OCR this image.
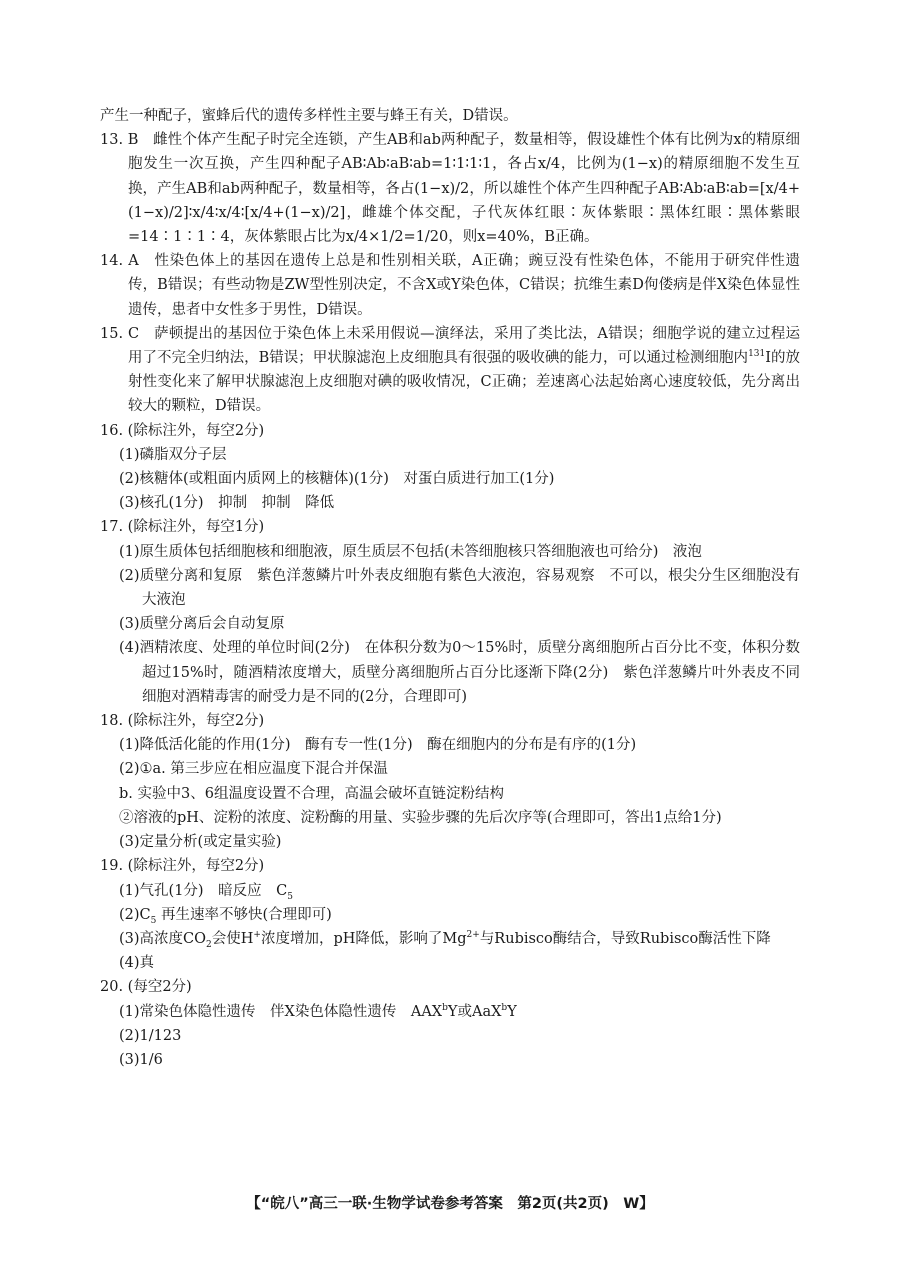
产生一种配子，蜜蜂后代的遗传多样性主要与蜂王有关，D错误。

13. B　雌性个体产生配子时完全连锁，产生AB和ab两种配子，数量相等，假设雄性个体有比例为x的精原细胞发生一次互换，产生四种配子AB∶Ab∶aB∶ab=1∶1∶1∶1，各占x/4，比例为(1−x)的精原细胞不发生互换，产生AB和ab两种配子，数量相等，各占(1−x)/2，所以雄性个体产生四种配子AB∶Ab∶aB∶ab=[x/4+(1−x)/2]∶x/4∶x/4∶[x/4+(1−x)/2]，雌雄个体交配，子代灰体红眼∶灰体紫眼∶黑体红眼∶黑体紫眼=14∶1∶1∶4，灰体紫眼占比为x/4×1/2=1/20，则x=40%，B正确。

14. A　性染色体上的基因在遗传上总是和性别相关联，A正确；豌豆没有性染色体，不能用于研究伴性遗传，B错误；有些动物是ZW型性别决定，不含X或Y染色体，C错误；抗维生素D佝偻病是伴X染色体显性遗传，患者中女性多于男性，D错误。

15. C　萨顿提出的基因位于染色体上未采用假说—演绎法，采用了类比法，A错误；细胞学说的建立过程运用了不完全归纳法，B错误；甲状腺滤泡上皮细胞具有很强的吸收碘的能力，可以通过检测细胞内$^{131}$I的放射性变化来了解甲状腺滤泡上皮细胞对碘的吸收情况，C正确；差速离心法起始离心速度较低，先分离出较大的颗粒，D错误。

16. (除标注外，每空2分)

(1)磷脂双分子层

(2)核糖体(或粗面内质网上的核糖体)(1分)　对蛋白质进行加工(1分)

(3)核孔(1分)　抑制　抑制　降低

17. (除标注外，每空1分)

(1)原生质体包括细胞核和细胞液，原生质层不包括(未答细胞核只答细胞液也可给分)　液泡

(2)质壁分离和复原　紫色洋葱鳞片叶外表皮细胞有紫色大液泡，容易观察　不可以，根尖分生区细胞没有大液泡

(3)质壁分离后会自动复原

(4)酒精浓度、处理的单位时间(2分)　在体积分数为0～15%时，质壁分离细胞所占百分比不变，体积分数超过15%时，随酒精浓度增大，质壁分离细胞所占百分比逐渐下降(2分)　紫色洋葱鳞片叶外表皮不同细胞对酒精毒害的耐受力是不同的(2分，合理即可)

18. (除标注外，每空2分)

(1)降低活化能的作用(1分)　酶有专一性(1分)　酶在细胞内的分布是有序的(1分)

(2)①a. 第三步应在相应温度下混合并保温

b. 实验中3、6组温度设置不合理，高温会破坏直链淀粉结构

②溶液的pH、淀粉的浓度、淀粉酶的用量、实验步骤的先后次序等(合理即可，答出1点给1分)

(3)定量分析(或定量实验)

19. (除标注外，每空2分)

(1)气孔(1分)　暗反应　$C_5$

$(2)C_5$ 再生速率不够快(合理即可)

(3)高浓度$CO_2$会使H+浓度增加，pH降低，影响了$Mg^{2+}$与Rubisco酶结合，导致Rubisco酶活性下降

(4)真

20. (每空2分)

(1)常染色体隐性遗传　伴X染色体隐性遗传　AAX$^b$Y或AaX$^b$Y

(2)1/123

(3)1/6

【“皖八”高三一联·生物学试卷参考答案　第2页(共2页)　W】
